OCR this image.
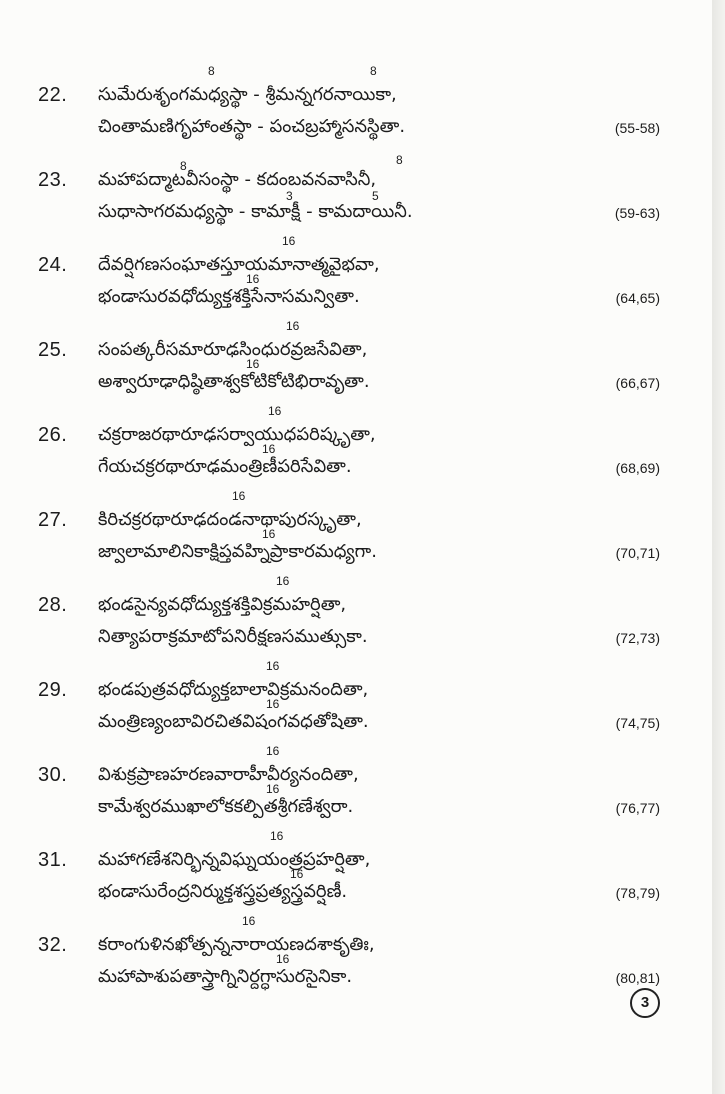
22.
8	8
సుమేరుశృంగమధ్యస్థా - శ్రీమన్నగరనాయికా,
చింతామణిగృహాంతస్థా - పంచబ్రహ్మాసనస్థితా.	(55-58)
23.
8	8
3	5
మహాపద్మాటవీసంస్థా - కదంబవనవాసినీ,
సుధాసాగరమధ్యస్థా - కామాక్షీ - కామదాయినీ.	(59-63)
24.
16
16
దేవర్షిగణసంఘాతస్తూయమానాత్మవైభవా,
భండాసురవధోద్యుక్తశక్తిసేనాసమన్వితా.	(64,65)
25.
16
16
సంపత్కరీసమారూఢసింధురవ్రజసేవితా,
అశ్వారూఢాధిష్ఠితాశ్వకోటికోటిభిరావృతా.	(66,67)
26.
16
16
చక్రరాజరథారూఢసర్వాయుధపరిష్కృతా,
గేయచక్రరథారూఢమంత్రిణీపరిసేవితా.	(68,69)
27.
16
16
కిరిచక్రరథారూఢదండనాథాపురస్కృతా,
జ్వాలామాలినికాక్షిప్తవహ్నిప్రాకారమధ్యగా.	(70,71)
28.
16
భండసైన్యవధోద్యుక్తశక్తివిక్రమహర్షితా,
నిత్యాపరాక్రమాటోపనిరీక్షణసముత్సుకా.	(72,73)
29.
16
16
భండపుత్రవధోద్యుక్తబాలావిక్రమనందితా,
మంత్రిణ్యంబావిరచితవిషంగవధతోషితా.	(74,75)
30.
16
16
విశుక్రప్రాణహరణవారాహీవీర్యనందితా,
కామేశ్వరముఖాలోకకల్పితశ్రీగణేశ్వరా.	(76,77)
31.
16
16
మహాగణేశనిర్భిన్నవిఘ్నయంత్రప్రహర్షితా,
భండాసురేంద్రనిర్ముక్తశస్త్రప్రత్యస్త్రవర్షిణీ.	(78,79)
32.
16
16
కరాంగుళినఖోత్పన్ననారాయణదశాకృతిః,
మహాపాశుపతాస్త్రాగ్నినిర్దగ్ధాసురసైనికా.	(80,81)
3
